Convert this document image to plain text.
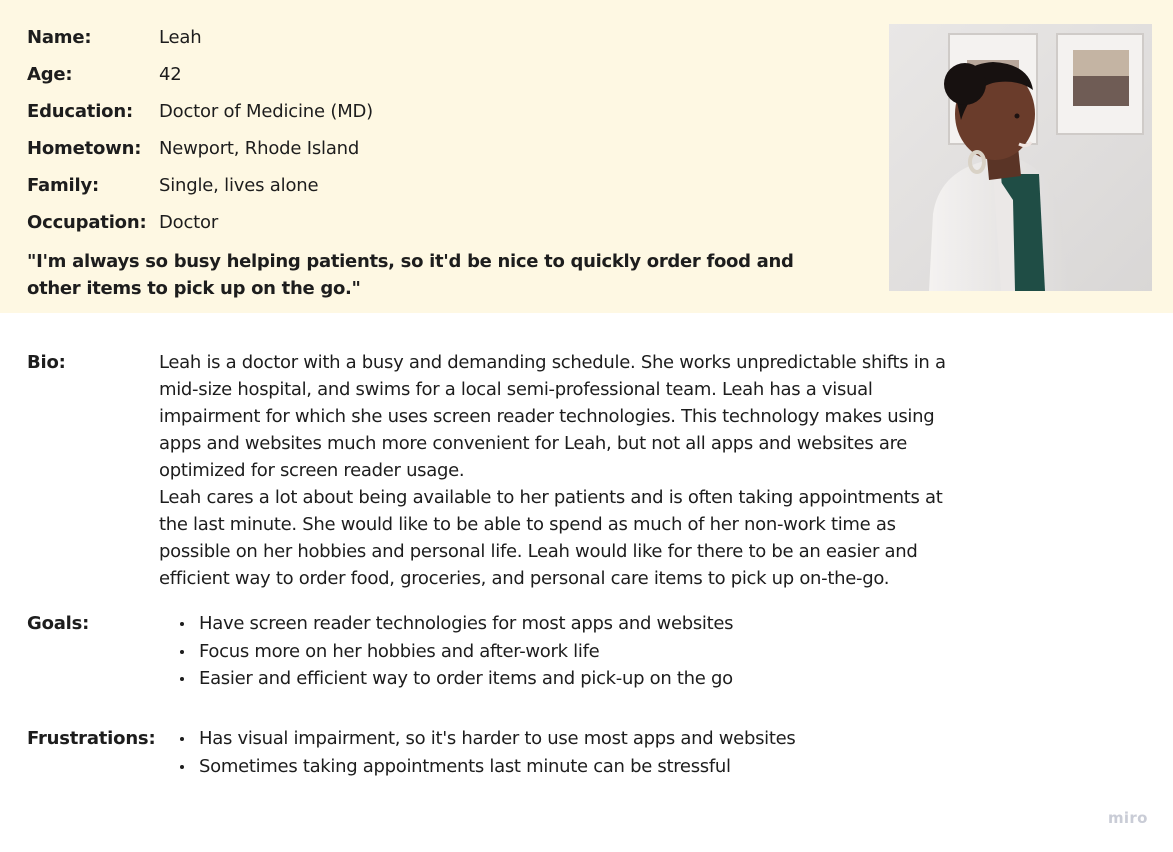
Name:	Leah
Age:	42
Education: Doctor of Medicine (MD)
Hometown: Newport, Rhode Island
Family:	Single, lives alone
Occupation: Doctor
"I'm always so busy helping patients, so it'd be nice to quickly order food and other items to pick up on the go."
Bio:	Leah is a doctor with a busy and demanding schedule. She works unpredictable shifts in a mid-size hospital, and swims for a local semi-professional team. Leah has a visual impairment for which she uses screen reader technologies. This technology makes using apps and websites much more convenient for Leah, but not all apps and websites are optimized for screen reader usage.

Leah cares a lot about being available to her patients and is often taking appointments at the last minute. She would like to be able to spend as much of her non-work time as possible on her hobbies and personal life. Leah would like for there to be an easier and efficient way to order food, groceries, and personal care items to pick up on-the-go.

Goals:	Have screen reader technologies for most apps and websites
Focus more on her hobbies and after-work life
Easier and efficient way to order items and pick-up on the go
Frustrations:	Has visual impairment, so it's harder to use most apps and websites
Sometimes taking appointments last minute can be stressful
miro
